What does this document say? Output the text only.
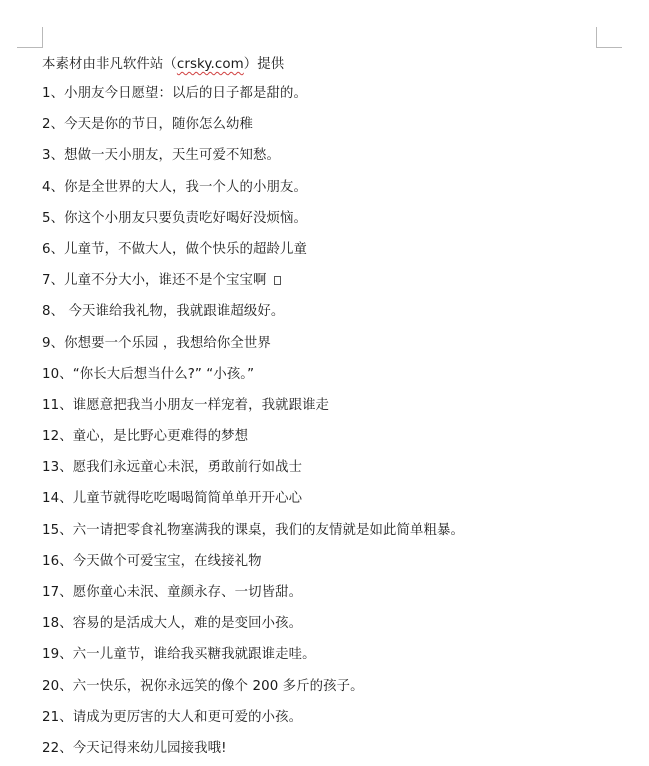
本素材由非凡软件站（crsky.com）提供
1、小朋友今日愿望：以后的日子都是甜的。
2、今天是你的节日，随你怎么幼稚
3、想做一天小朋友，天生可爱不知愁。
4、你是全世界的大人，我一个人的小朋友。
5、你这个小朋友只要负责吃好喝好没烦恼。
6、儿童节，不做大人，做个快乐的超龄儿童
7、儿童不分大小，谁还不是个宝宝啊
8、 今天谁给我礼物，我就跟谁超级好。
9、你想要一个乐园 ，我想给你全世界
10、“你长大后想当什么?” “小孩。”
11、谁愿意把我当小朋友一样宠着，我就跟谁走
12、童心，是比野心更难得的梦想
13、愿我们永远童心未泯，勇敢前行如战士
14、儿童节就得吃吃喝喝简简单单开开心心
15、六一请把零食礼物塞满我的课桌，我们的友情就是如此简单粗暴。
16、今天做个可爱宝宝，在线接礼物
17、愿你童心未泯、童颜永存、一切皆甜。
18、容易的是活成大人，难的是变回小孩。
19、六一儿童节，谁给我买糖我就跟谁走哇。
20、六一快乐，祝你永远笑的像个 200 多斤的孩子。
21、请成为更厉害的大人和更可爱的小孩。
22、今天记得来幼儿园接我哦!
